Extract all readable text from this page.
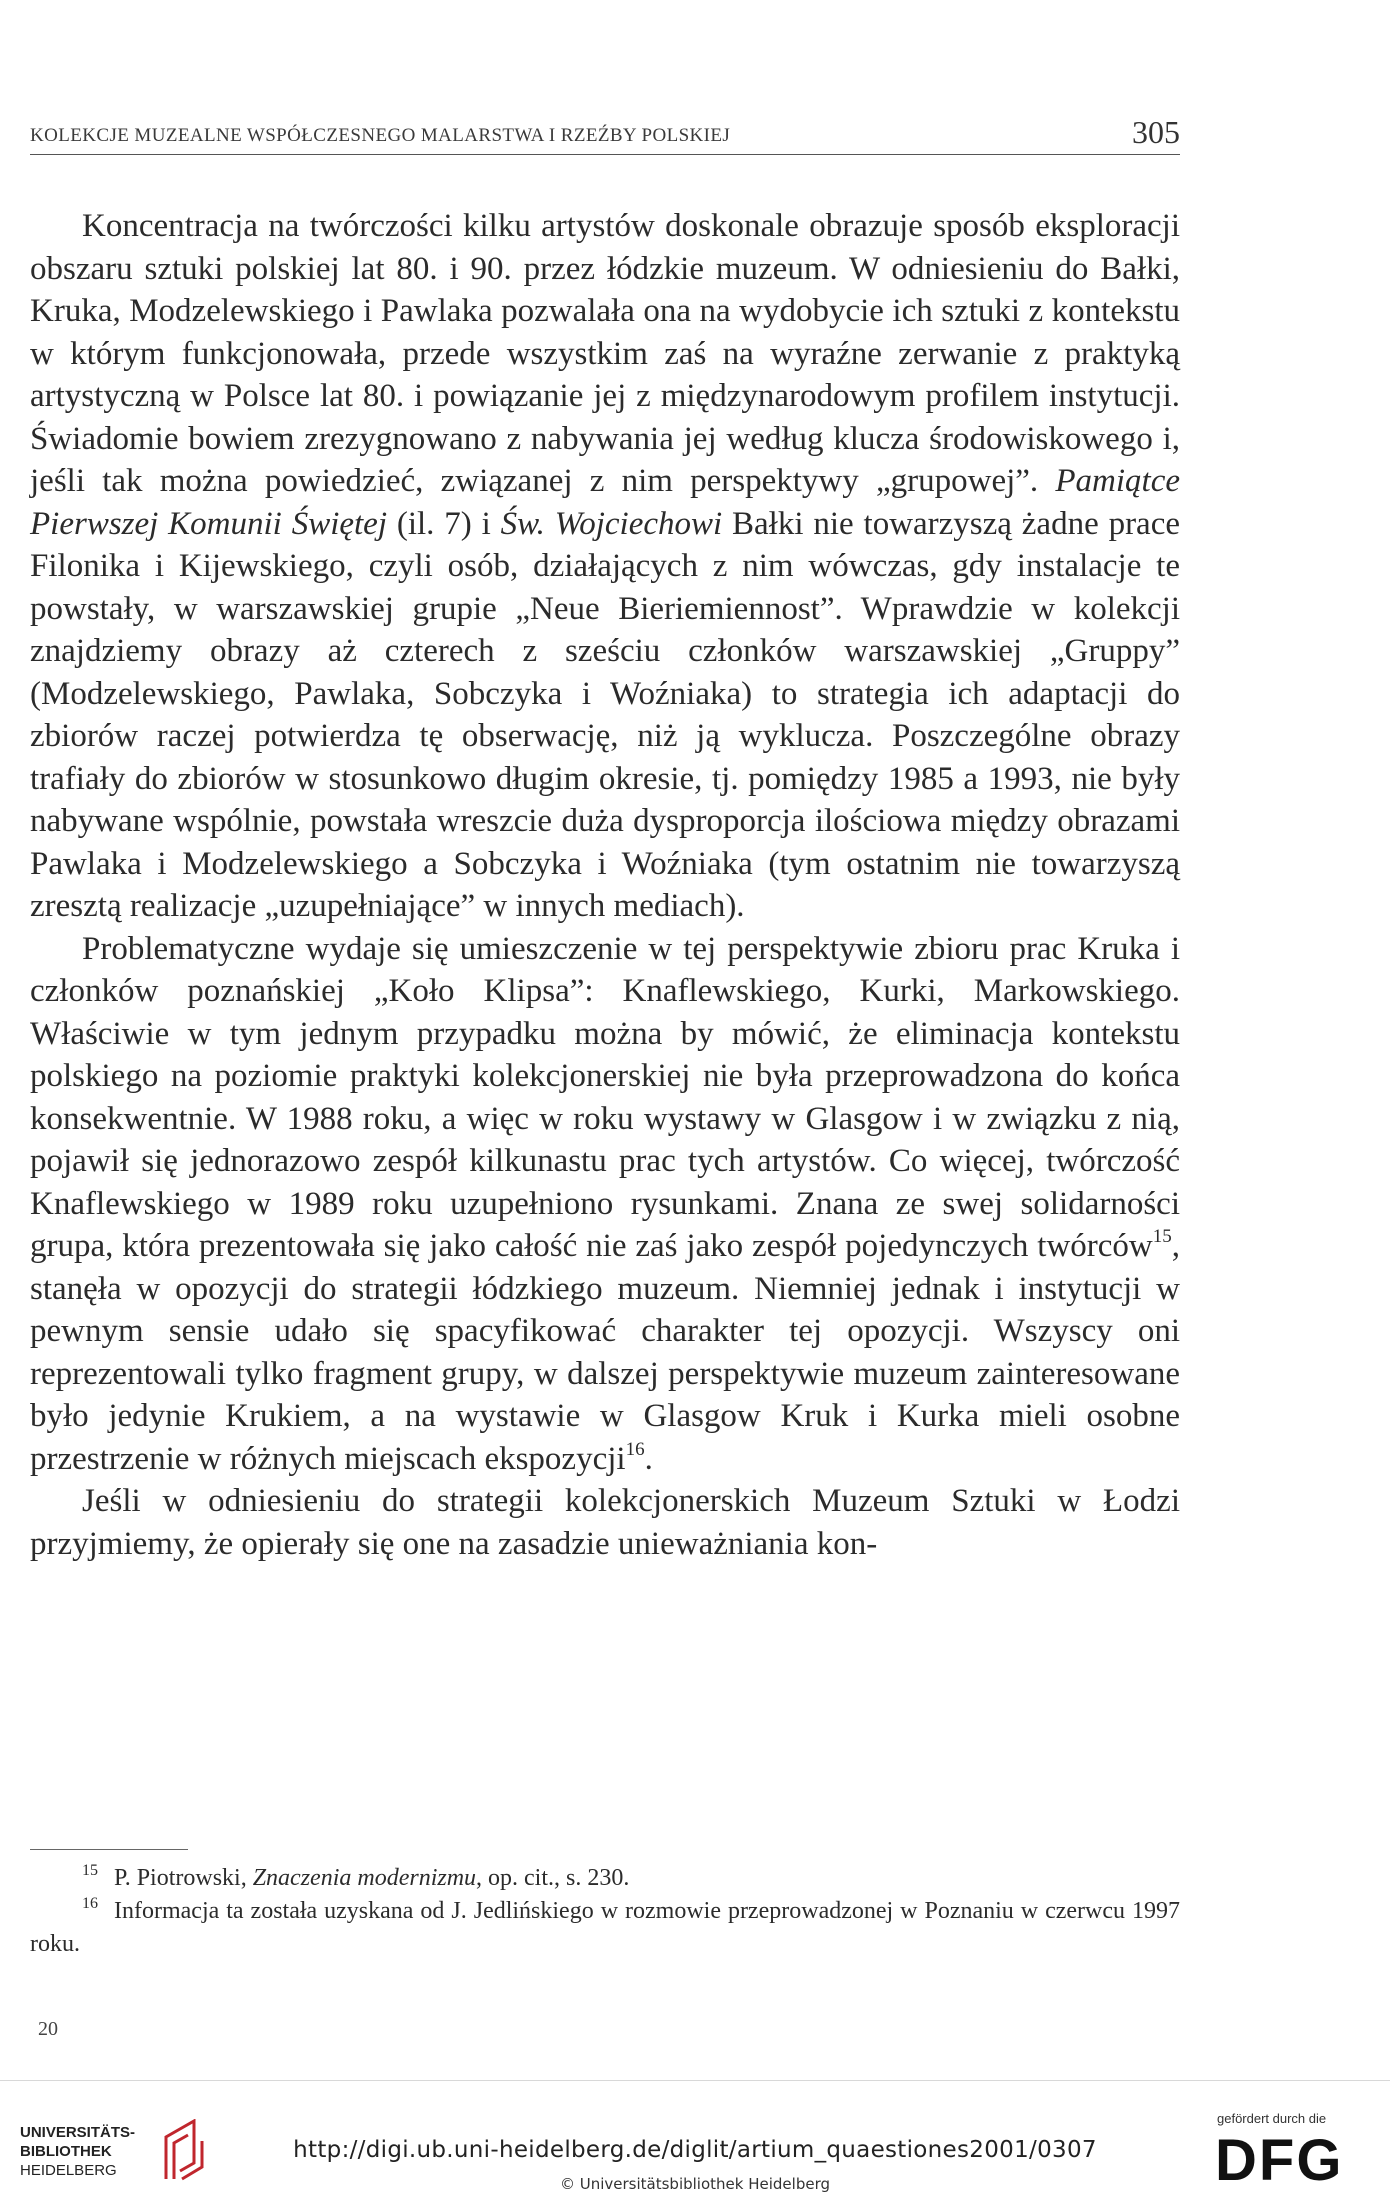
KOLEKCJE MUZEALNE WSPÓŁCZESNEGO MALARSTWA I RZEŹBY POLSKIEJ	305

Koncentracja na twórczości kilku artystów doskonale obrazuje sposób eksploracji obszaru sztuki polskiej lat 80. i 90. przez łódzkie muzeum. W odniesieniu do Bałki, Kruka, Modzelewskiego i Pawlaka pozwalała ona na wydobycie ich sztuki z kontekstu w którym funkcjonowała, przede wszystkim zaś na wyraźne zerwanie z praktyką artystyczną w Polsce lat 80. i powiązanie jej z międzynarodowym profilem instytucji. Świadomie bowiem zrezygnowano z nabywania jej według klucza środowiskowego i, jeśli tak można powiedzieć, związanej z nim perspektywy „grupowej”. Pamiątce Pierwszej Komunii Świętej (il. 7) i Św. Wojciechowi Bałki nie towarzyszą żadne prace Filonika i Kijewskiego, czyli osób, działających z nim wówczas, gdy instalacje te powstały, w warszawskiej grupie „Neue Bieriemiennost”. Wprawdzie w kolekcji znajdziemy obrazy aż czterech z sześciu członków warszawskiej „Gruppy” (Modzelewskiego, Pawlaka, Sobczyka i Woźniaka) to strategia ich adaptacji do zbiorów raczej potwierdza tę obserwację, niż ją wyklucza. Poszczególne obrazy trafiały do zbiorów w stosunkowo długim okresie, tj. pomiędzy 1985 a 1993, nie były nabywane wspólnie, powstała wreszcie duża dysproporcja ilościowa między obrazami Pawlaka i Modzelewskiego a Sobczyka i Woźniaka (tym ostatnim nie towarzyszą zresztą realizacje „uzupełniające” w innych mediach).

Problematyczne wydaje się umieszczenie w tej perspektywie zbioru prac Kruka i członków poznańskiej „Koło Klipsa”: Knaflewskiego, Kurki, Markowskiego. Właściwie w tym jednym przypadku można by mówić, że eliminacja kontekstu polskiego na poziomie praktyki kolekcjonerskiej nie była przeprowadzona do końca konsekwentnie. W 1988 roku, a więc w roku wystawy w Glasgow i w związku z nią, pojawił się jednorazowo zespół kilkunastu prac tych artystów. Co więcej, twórczość Knaflewskiego w 1989 roku uzupełniono rysunkami. Znana ze swej solidarności grupa, która prezentowała się jako całość nie zaś jako zespół pojedynczych twórców$^{15}$, stanęła w opozycji do strategii łódzkiego muzeum. Niemniej jednak i instytucji w pewnym sensie udało się spacyfikować charakter tej opozycji. Wszyscy oni reprezentowali tylko fragment grupy, w dalszej perspektywie muzeum zainteresowane było jedynie Krukiem, a na wystawie w Glasgow Kruk i Kurka mieli osobne przestrzenie w różnych miejscach ekspozycji$^{16}$.

Jeśli w odniesieniu do strategii kolekcjonerskich Muzeum Sztuki w Łodzi przyjmiemy, że opierały się one na zasadzie unieważniania kon-

$^{15}$ P. Piotrowski, Znaczenia modernizmu, op. cit., s. 230.

$^{16}$ Informacja ta została uzyskana od J. Jedlińskiego w rozmowie przeprowadzonej w Poznaniu w czerwcu 1997 roku.

20
UNIVERSITÄTS-
BIBLIOTHEK
HEIDELBERG
http://digi.ub.uni-heidelberg.de/diglit/artium_quaestiones2001/0307
© Universitätsbibliothek Heidelberg
gefördert durch die
DFG
